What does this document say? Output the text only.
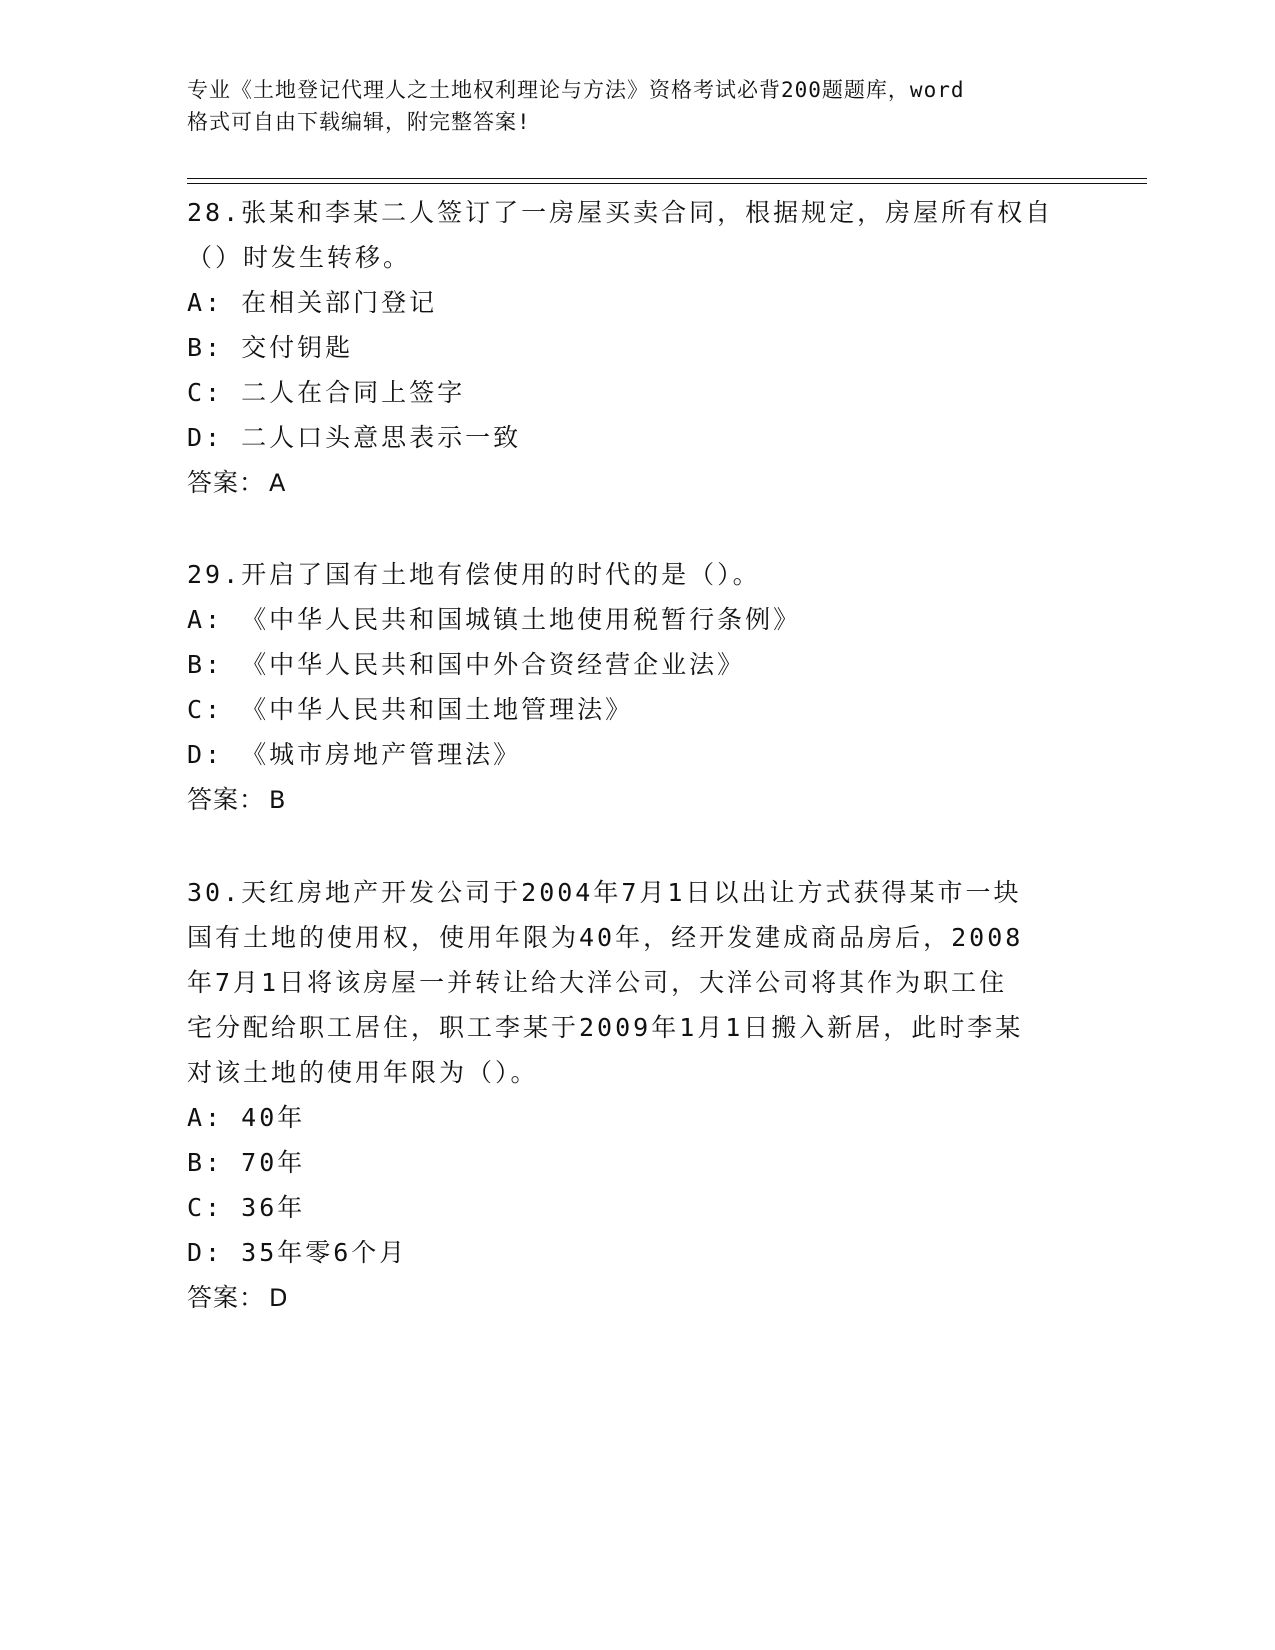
专业《土地登记代理人之土地权利理论与方法》资格考试必背200题题库，word
格式可自由下载编辑，附完整答案!
28.张某和李某二人签订了一房屋买卖合同，根据规定，房屋所有权自
（）时发生转移。
A: 在相关部门登记
B: 交付钥匙
C: 二人在合同上签字
D: 二人口头意思表示一致
答案： A
29.开启了国有土地有偿使用的时代的是（）。
A: 《中华人民共和国城镇土地使用税暂行条例》
B: 《中华人民共和国中外合资经营企业法》
C: 《中华人民共和国土地管理法》
D: 《城市房地产管理法》
答案： B
30.天红房地产开发公司于2004年7月1日以出让方式获得某市一块
国有土地的使用权，使用年限为40年，经开发建成商品房后，2008
年7月1日将该房屋一并转让给大洋公司，大洋公司将其作为职工住
宅分配给职工居住，职工李某于2009年1月1日搬入新居，此时李某
对该土地的使用年限为（）。
A: 40年
B: 70年
C: 36年
D: 35年零6个月
答案： D
